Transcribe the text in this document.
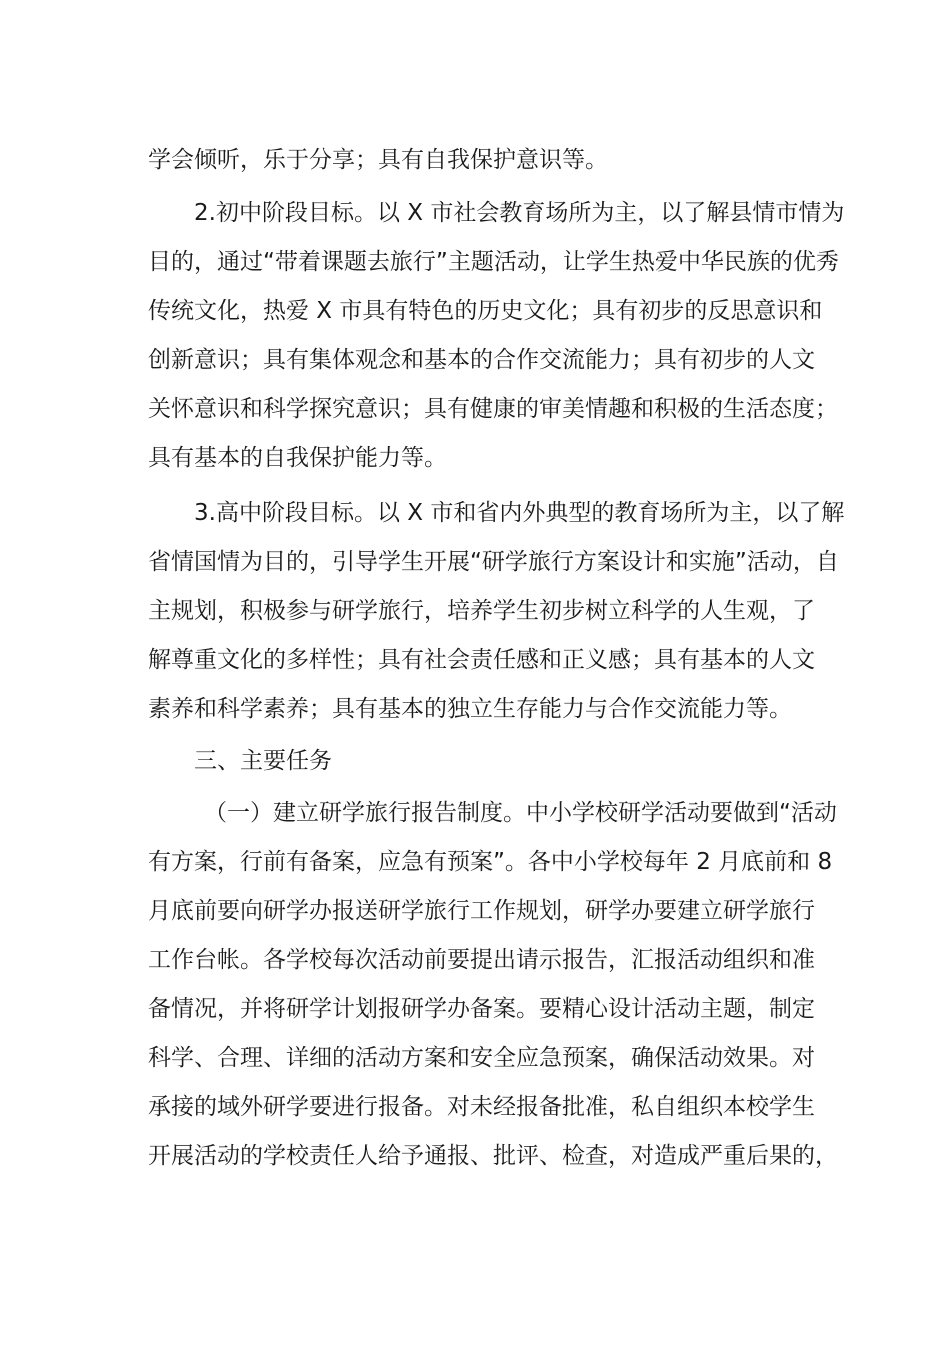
学会倾听，乐于分享；具有自我保护意识等。
2.初中阶段目标。以 X 市社会教育场所为主，以了解县情市情为
目的，通过“带着课题去旅行”主题活动，让学生热爱中华民族的优秀
传统文化，热爱 X 市具有特色的历史文化；具有初步的反思意识和
创新意识；具有集体观念和基本的合作交流能力；具有初步的人文
关怀意识和科学探究意识；具有健康的审美情趣和积极的生活态度；
具有基本的自我保护能力等。
3.高中阶段目标。以 X 市和省内外典型的教育场所为主，以了解
省情国情为目的，引导学生开展“研学旅行方案设计和实施”活动，自
主规划，积极参与研学旅行，培养学生初步树立科学的人生观，了
解尊重文化的多样性；具有社会责任感和正义感；具有基本的人文
素养和科学素养；具有基本的独立生存能力与合作交流能力等。
三、主要任务
（一）建立研学旅行报告制度。中小学校研学活动要做到“活动
有方案，行前有备案，应急有预案”。各中小学校每年 2 月底前和 8
月底前要向研学办报送研学旅行工作规划，研学办要建立研学旅行
工作台帐。各学校每次活动前要提出请示报告，汇报活动组织和准
备情况，并将研学计划报研学办备案。要精心设计活动主题，制定
科学、合理、详细的活动方案和安全应急预案，确保活动效果。对
承接的域外研学要进行报备。对未经报备批准，私自组织本校学生
开展活动的学校责任人给予通报、批评、检查，对造成严重后果的，
